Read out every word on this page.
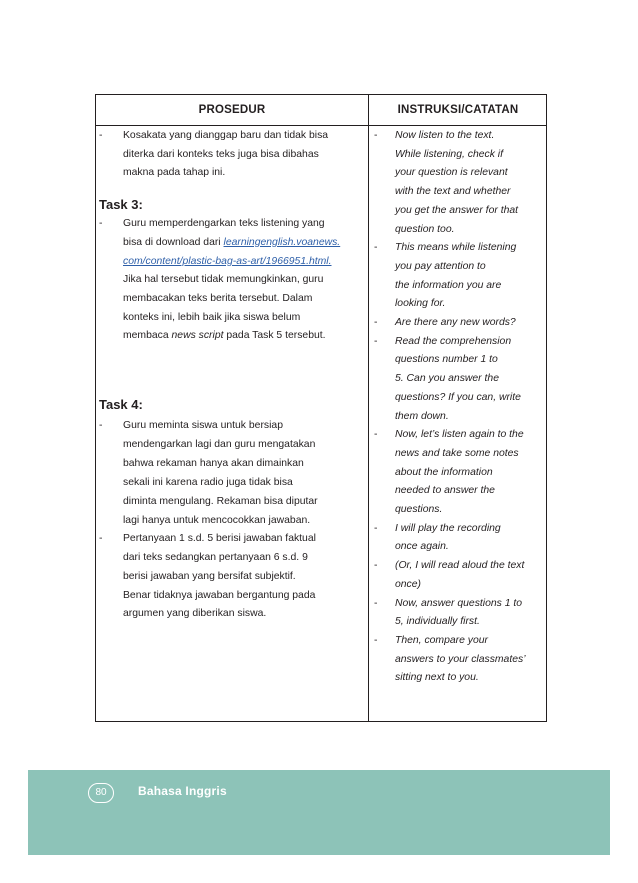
PROSEDUR	INSTRUKSI/CATATAN
- Kosakata yang dianggap baru dan tidak bisa
diterka dari konteks teks juga bisa dibahas
makna pada tahap ini.
Task 3:
- Guru memperdengarkan teks listening yang
bisa di download dari learningenglish.voanews.
com/content/plastic-bag-as-art/1966951.html.
Jika hal tersebut tidak memungkinkan, guru
membacakan teks berita tersebut. Dalam
konteks ini, lebih baik jika siswa belum
membaca news script pada Task 5 tersebut.
Task 4:
- Guru meminta siswa untuk bersiap
mendengarkan lagi dan guru mengatakan
bahwa rekaman hanya akan dimainkan
sekali ini karena radio juga tidak bisa
diminta mengulang. Rekaman bisa diputar
lagi hanya untuk mencocokkan jawaban.
- Pertanyaan 1 s.d. 5 berisi jawaban faktual
dari teks sedangkan pertanyaan 6 s.d. 9
berisi jawaban yang bersifat subjektif.
Benar tidaknya jawaban bergantung pada
argumen yang diberikan siswa.
- Now listen to the text.
While listening, check if
your question is relevant
with the text and whether
you get the answer for that
question too.
- This means while listening
you pay attention to
the information you are
looking for.
- Are there any new words?
- Read the comprehension
questions number 1 to
5. Can you answer the
questions? If you can, write
them down.
- Now, let’s listen again to the
news and take some notes
about the information
needed to answer the
questions.
- I will play the recording
once again.
- (Or, I will read aloud the text
once)
- Now, answer questions 1 to
5, individually first.
- Then, compare your
answers to your classmates’
sitting next to you.
80	Bahasa Inggris
